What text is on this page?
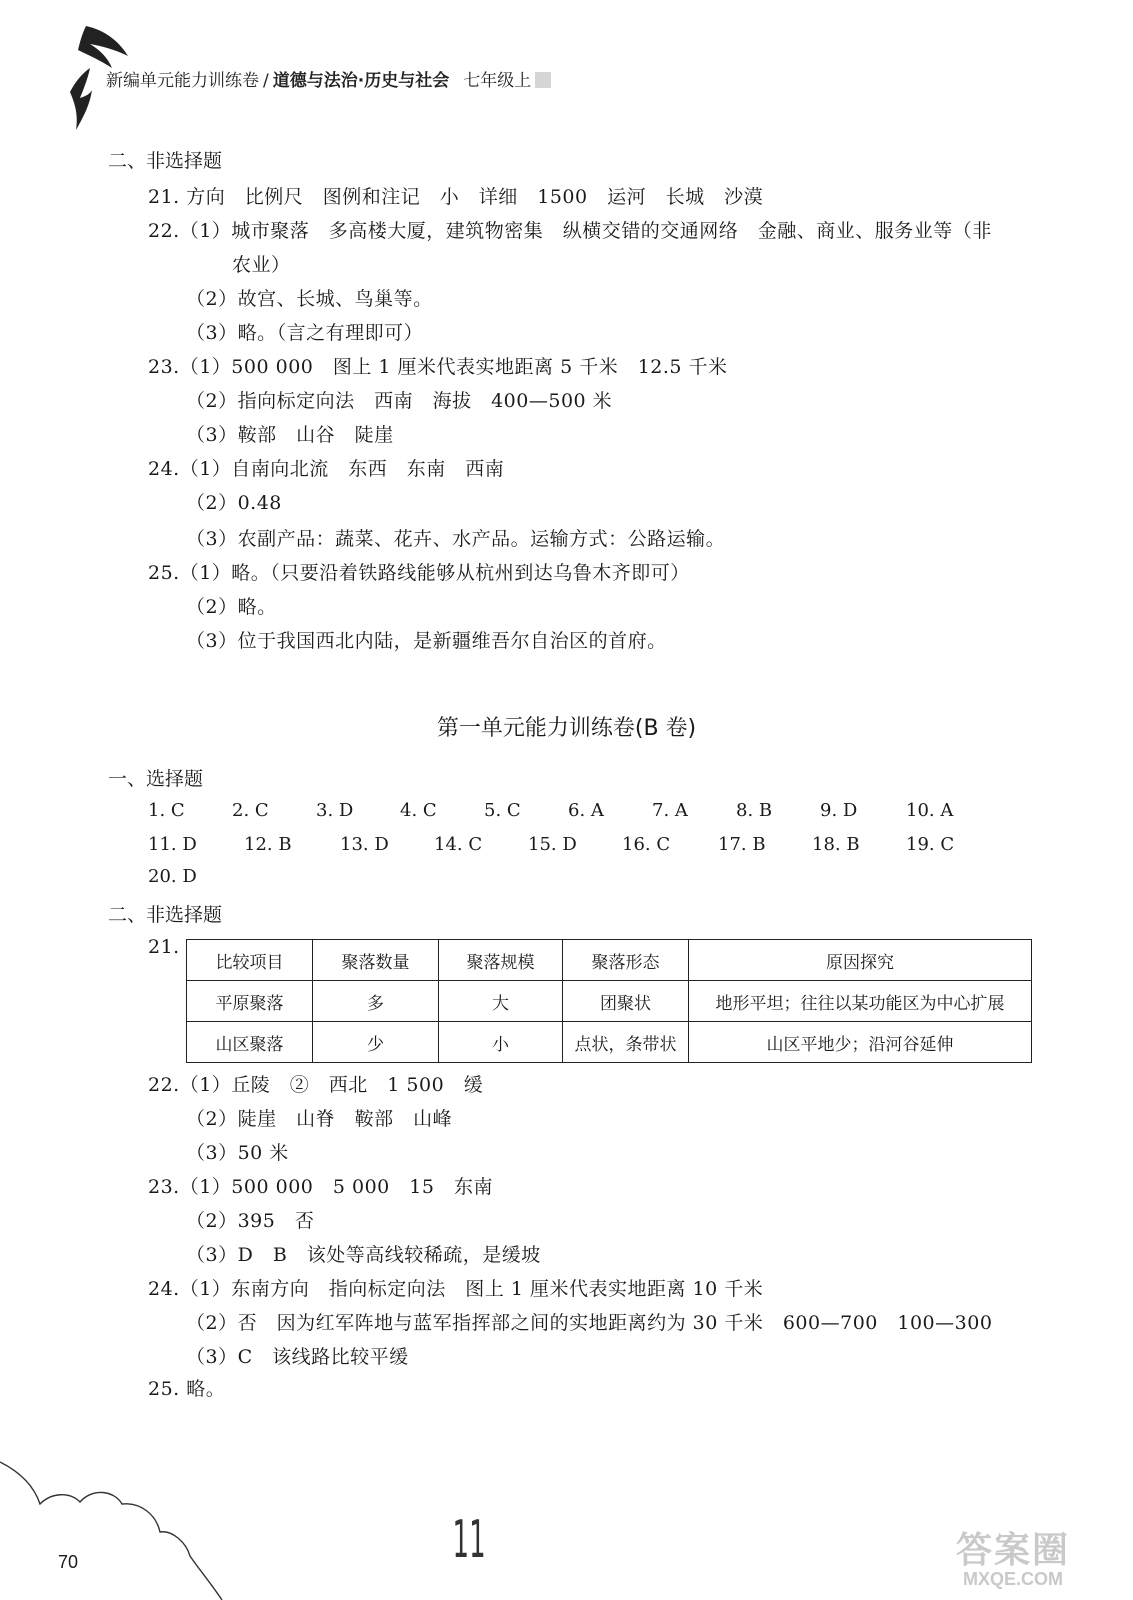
新编单元能力训练卷 / 道德与法治·历史与社会 七年级上
二、非选择题
21. 方向　比例尺　图例和注记　小　详细　1500　运河　长城　沙漠
22.（1）城市聚落　多高楼大厦，建筑物密集　纵横交错的交通网络　金融、商业、服务业等（非
农业）
（2）故宫、长城、鸟巢等。
（3）略。（言之有理即可）
23.（1）500 000　图上 1 厘米代表实地距离 5 千米　12.5 千米
（2）指向标定向法　西南　海拔　400—500 米
（3）鞍部　山谷　陡崖
24.（1）自南向北流　东西　东南　西南
（2）0.48
（3）农副产品：蔬菜、花卉、水产品。运输方式：公路运输。
25.（1）略。（只要沿着铁路线能够从杭州到达乌鲁木齐即可）
（2）略。
（3）位于我国西北内陆，是新疆维吾尔自治区的首府。
第一单元能力训练卷(B 卷)
一、选择题
1. C	2. C	3. D	4. C	5. C	6. A	7. A	8. B	9. D	10. A
11. D	12. B	13. D	14. C	15. D	16. C	17. B	18. B	19. C
20. D
二、非选择题
21.
比较项目	聚落数量	聚落规模	聚落形态	原因探究
平原聚落	多	大	团聚状	地形平坦；往往以某功能区为中心扩展
山区聚落	少	小	点状，条带状	山区平地少；沿河谷延伸
22.（1）丘陵　②　西北　1 500　缓
（2）陡崖　山脊　鞍部　山峰
（3）50 米
23.（1）500 000　5 000　15　东南
（2）395　否
（3）D　B　该处等高线较稀疏，是缓坡
24.（1）东南方向　指向标定向法　图上 1 厘米代表实地距离 10 千米
（2）否　因为红军阵地与蓝军指挥部之间的实地距离约为 30 千米　600—700　100—300
（3）C　该线路比较平缓
25. 略。
70	11	答案圈
MXQE.COM
